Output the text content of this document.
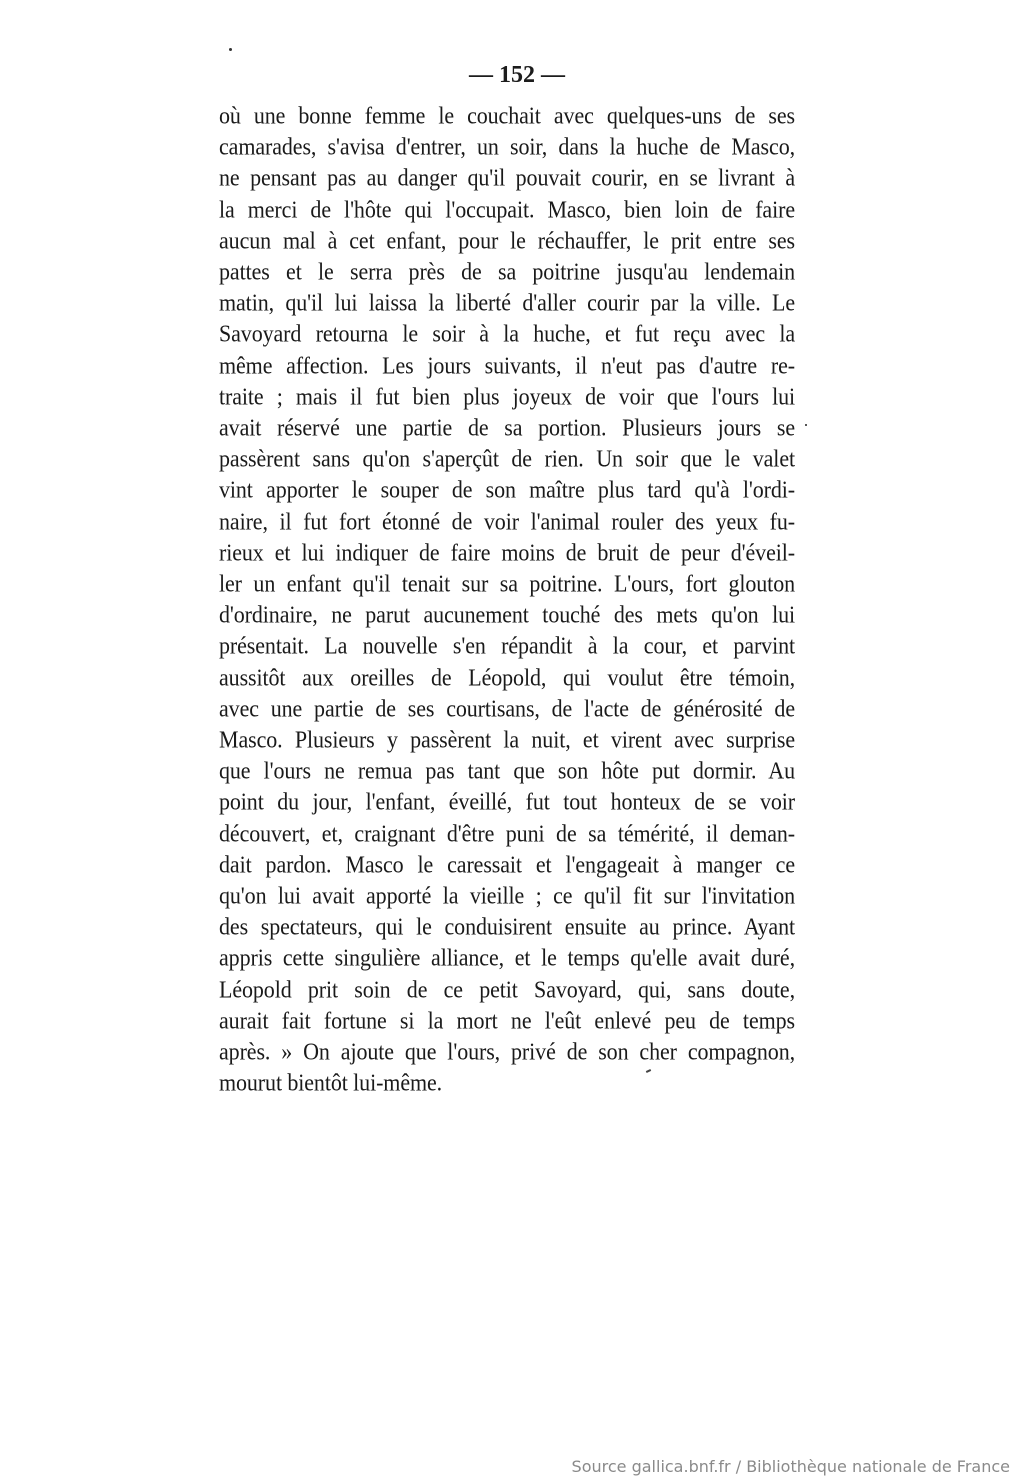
— 152 —
où une bonne femme le couchait avec quelques-uns de ses
camarades, s'avisa d'entrer, un soir, dans la huche de Masco,
ne pensant pas au danger qu'il pouvait courir, en se livrant à
la merci de l'hôte qui l'occupait. Masco, bien loin de faire
aucun mal à cet enfant, pour le réchauffer, le prit entre ses
pattes et le serra près de sa poitrine jusqu'au lendemain
matin, qu'il lui laissa la liberté d'aller courir par la ville. Le
Savoyard retourna le soir à la huche, et fut reçu avec la
même affection. Les jours suivants, il n'eut pas d'autre re-
traite ; mais il fut bien plus joyeux de voir que l'ours lui
avait réservé une partie de sa portion. Plusieurs jours se
passèrent sans qu'on s'aperçût de rien. Un soir que le valet
vint apporter le souper de son maître plus tard qu'à l'ordi-
naire, il fut fort étonné de voir l'animal rouler des yeux fu-
rieux et lui indiquer de faire moins de bruit de peur d'éveil-
ler un enfant qu'il tenait sur sa poitrine. L'ours, fort glouton
d'ordinaire, ne parut aucunement touché des mets qu'on lui
présentait. La nouvelle s'en répandit à la cour, et parvint
aussitôt aux oreilles de Léopold, qui voulut être témoin,
avec une partie de ses courtisans, de l'acte de générosité de
Masco. Plusieurs y passèrent la nuit, et virent avec surprise
que l'ours ne remua pas tant que son hôte put dormir. Au
point du jour, l'enfant, éveillé, fut tout honteux de se voir
découvert, et, craignant d'être puni de sa témérité, il deman-
dait pardon. Masco le caressait et l'engageait à manger ce
qu'on lui avait apporté la vieille ; ce qu'il fit sur l'invitation
des spectateurs, qui le conduisirent ensuite au prince. Ayant
appris cette singulière alliance, et le temps qu'elle avait duré,
Léopold prit soin de ce petit Savoyard, qui, sans doute,
aurait fait fortune si la mort ne l'eût enlevé peu de temps
après. » On ajoute que l'ours, privé de son cher compagnon,
mourut bientôt lui-même.
Source gallica.bnf.fr / Bibliothèque nationale de France
